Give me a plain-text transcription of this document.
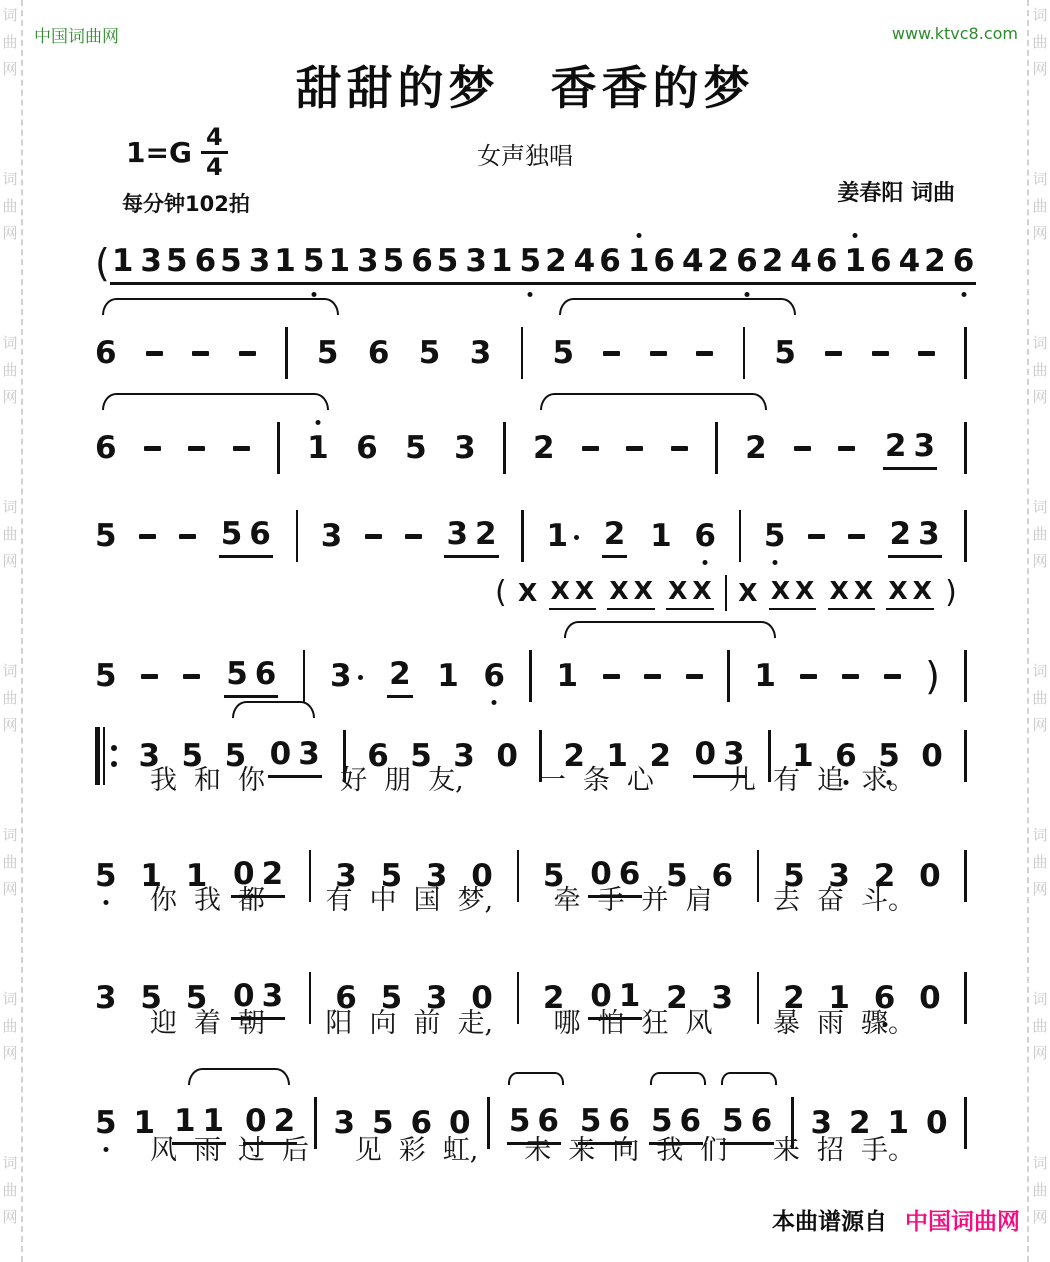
词
曲
网
词
曲
网
词
曲
网
词
曲
网
词
曲
网
词
曲
网
词
曲
网
词
曲
网
词
曲
网
词
曲
网
词
曲
网
词
曲
网
词
曲
网
词
曲
网
词
曲
网
词
曲
网
中国词曲网	www.ktvc8.com
甜甜的梦　香香的梦
女声独唱
$1=G \frac{4}{4}$
每分钟102拍	姜春阳 词曲
( 1 3 5 6 5 3 1 5 1 3 5 6 5 3 1 5 2 4 6 1 6 4 2 6 2 4 6 1 6 4 2 6
6	5 6 5 3 5	5
6	1 6 5 3 2	2	2 3
5	5 6 3	3 2 1	2 1 6 5	2 3
( X X X X X X X X X X X X X X )
5	5 6 3	2 1 6 1	1	)
3 5 5 0 3 6 5 3 0 2 1 2 0 3 1 6 5 0
我 和 你	好 朋 友,	一 条 心	儿 有 追 求。
5 1 1 0 2 3 5 3 0 5 0 6 5 6 5 3 2 0
你 我 都 有 中 国 梦, 牵 手 并 肩 去 奋 斗。
3 5 5 0 3 6 5 3 0 2 0 1 2 3 2 1 6 0
迎 着 朝 阳 向 前 走, 哪 怕 狂 风 暴 雨 骤。
5 1 1 1 0 2 3 5 6 0 5 6 5 6 5 6 5 6 3 2 1 0
风 雨 过 后 见 彩 虹, 未 来 向 我 们 来 招 手。
本曲谱源自 中国词曲网
